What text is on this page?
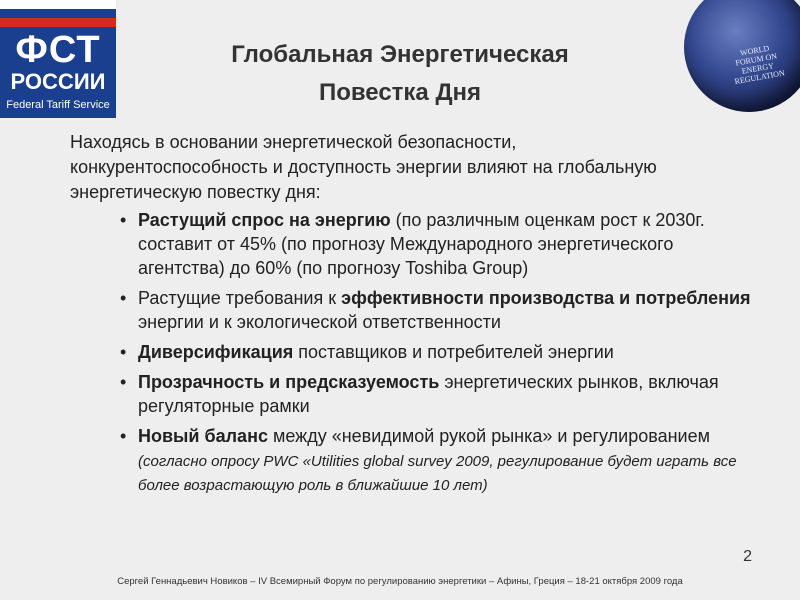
ФСТ
РОССИИ
Federal Tariff Service
WORLD FORUM ON ENERGY REGULATION
Глобальная Энергетическая
Повестка Дня
Находясь в основании энергетической безопасности, конкурентоспособность и доступность энергии влияют на глобальную энергетическую повестку дня:
• Растущий спрос на энергию (по различным оценкам рост к 2030г. составит от 45% (по прогнозу Международного энергетического агентства) до 60% (по прогнозу Toshiba Group)
• Растущие требования к эффективности производства и потребления энергии и к экологической ответственности
• Диверсификация поставщиков и потребителей энергии
• Прозрачность и предсказуемость энергетических рынков, включая регуляторные рамки
• Новый баланс между «невидимой рукой рынка» и регулированием (согласно опросу PWC «Utilities global survey 2009, регулирование будет играть все более возрастающую роль в ближайшие 10 лет)
2
Сергей Геннадьевич Новиков – IV Всемирный Форум по регулированию энергетики – Афины, Греция – 18-21 октября 2009 года
